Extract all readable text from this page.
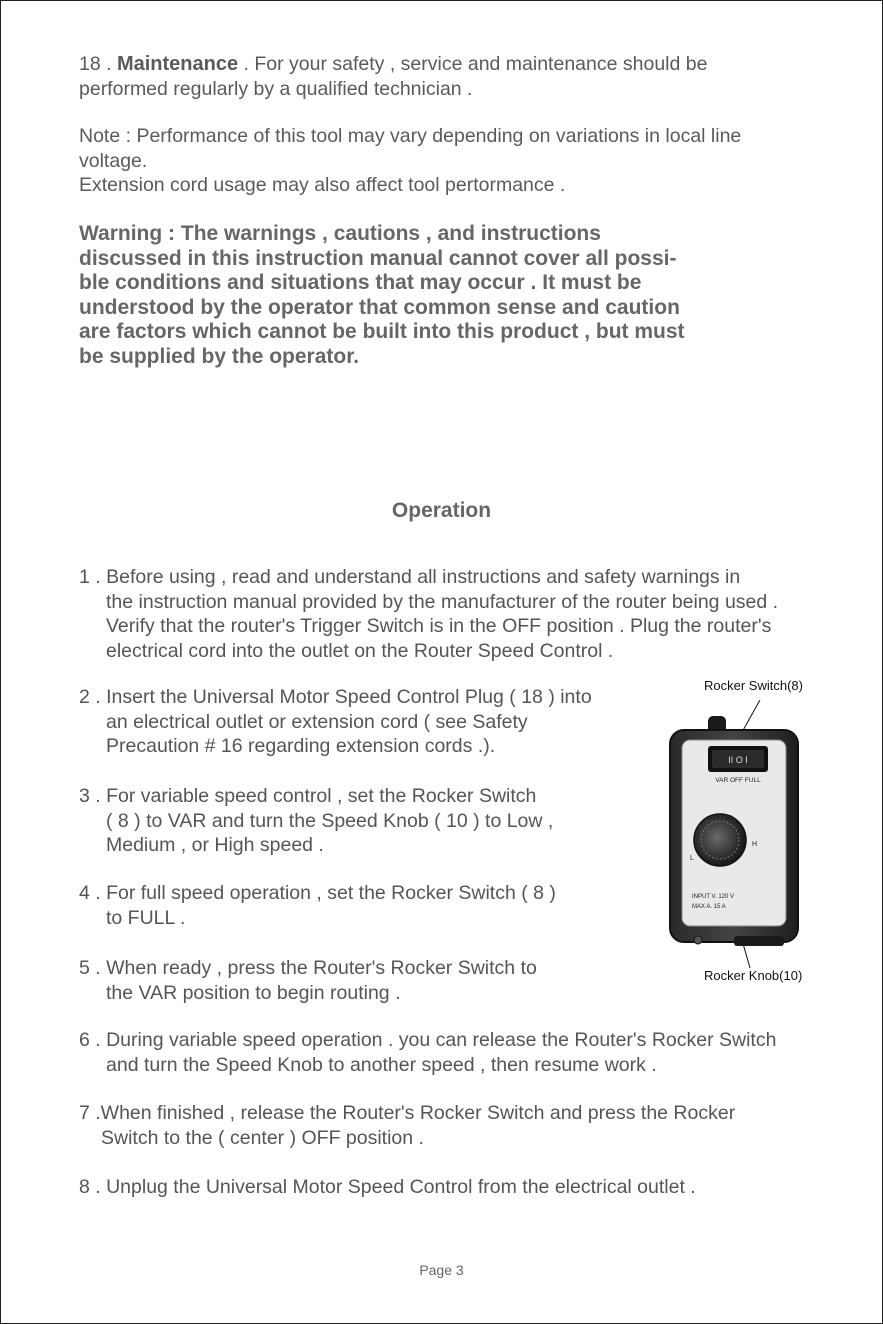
18 . Maintenance . For your safety , service and maintenance should be
performed regularly by a qualified technician .
Note : Performance of this tool may vary depending on variations in local line
voltage.
Extension cord usage may also affect tool pertormance .
Warning : The warnings , cautions , and instructions
discussed in this instruction manual cannot cover all possi-
ble conditions and situations that may occur . It must be
understood by the operator that common sense and caution
are factors which cannot be built into this product , but must
be supplied by the operator.
Operation
1 . Before using , read and understand all instructions and safety warnings in
the instruction manual provided by the manufacturer of the router being used .
Verify that the router's Trigger Switch is in the OFF position . Plug the router's
electrical cord into the outlet on the Router Speed Control .
2 . Insert the Universal Motor Speed Control Plug ( 18 ) into
an electrical outlet or extension cord ( see Safety
Precaution # 16 regarding extension cords .).
3 . For variable speed control , set the Rocker Switch
( 8 ) to VAR and turn the Speed Knob ( 10 ) to Low ,
Medium , or High speed .
4 . For full speed operation , set the Rocker Switch ( 8 )
to FULL .
5 . When ready , press the Router's Rocker Switch to
the VAR position to begin routing .
6 . During variable speed operation . you can release the Router's Rocker Switch
and turn the Speed Knob to another speed , then resume work .
7 .When finished , release the Router's Rocker Switch and press the Rocker
Switch to the ( center ) OFF position .
8 . Unplug the Universal Motor Speed Control from the electrical outlet .
Rocker Switch(8)
Rocker Knob(10)
II O I
VAR OFF FULL
L
M
H
INPUT V. 120 V
MAX A. 15 A
Page 3
